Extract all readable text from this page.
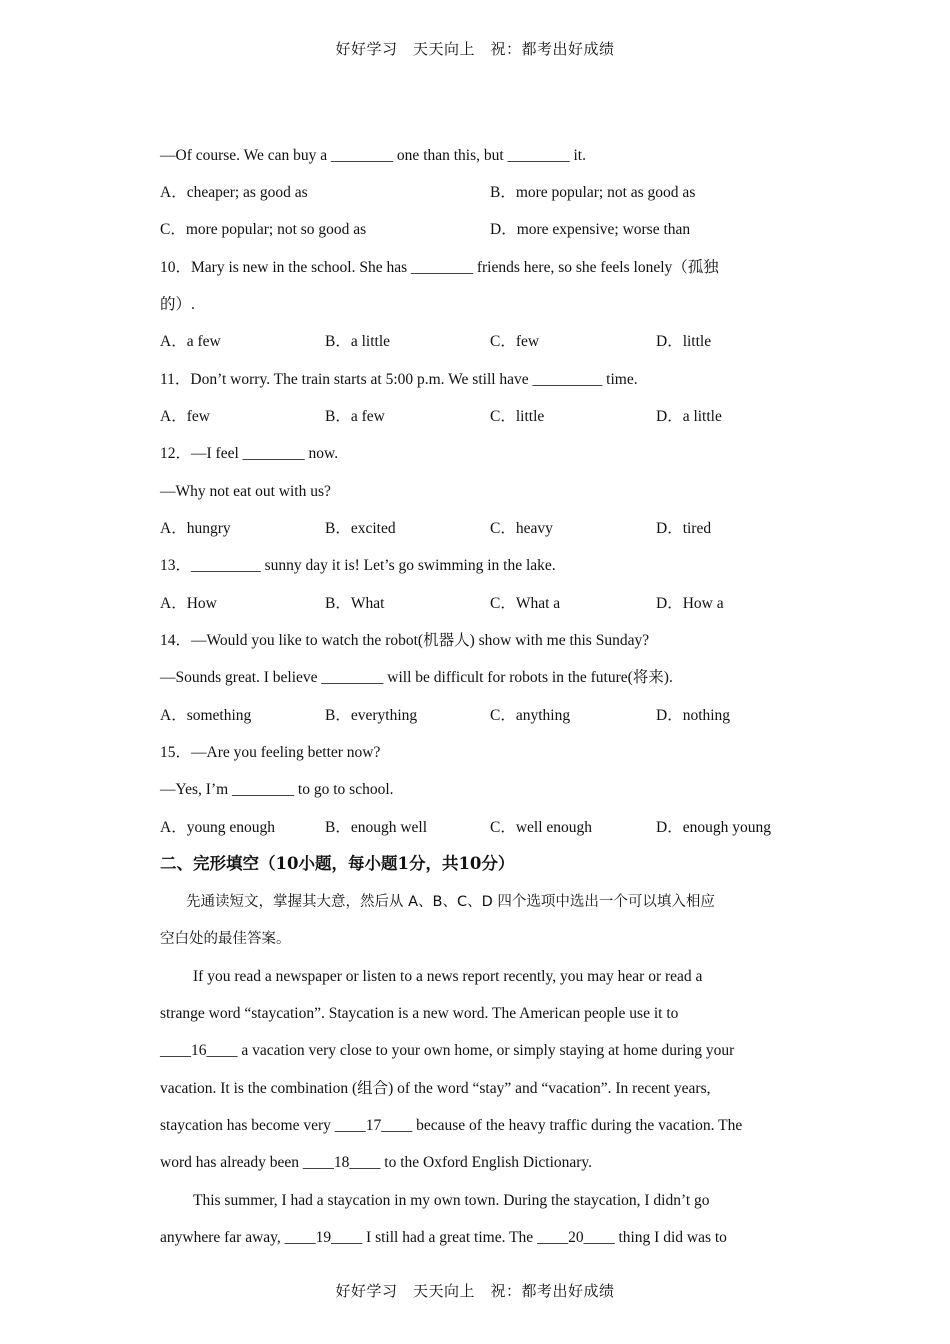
好好学习　天天向上　祝：都考出好成绩
—Of course. We can buy a ________ one than this, but ________ it.
A．cheaper; as good as	B．more popular; not as good as
C．more popular; not so good as	D．more expensive; worse than
10．Mary is new in the school. She has ________ friends here, so she feels lonely（孤独
的）.
A．a few	B．a little	C．few	D．little
11．Don’t worry. The train starts at 5:00 p.m. We still have _________ time.
A．few	B．a few	C．little	D．a little
12．—I feel ________ now.
—Why not eat out with us?
A．hungry	B．excited	C．heavy	D．tired
13．_________ sunny day it is! Let’s go swimming in the lake.
A．How	B．What	C．What a	D．How a
14．—Would you like to watch the robot(机器人) show with me this Sunday?
—Sounds great. I believe ________ will be difficult for robots in the future(将来).
A．something	B．everything	C．anything	D．nothing
15．—Are you feeling better now?
—Yes, I’m ________ to go to school.
A．young enough	B．enough well	C．well enough	D．enough young
二、完形填空（10小题，每小题1分，共10分）
先通读短文，掌握其大意，然后从 A、B、C、D 四个选项中选出一个可以填入相应
空白处的最佳答案。
If you read a newspaper or listen to a news report recently, you may hear or read a
strange word “staycation”. Staycation is a new word. The American people use it to
____16____ a vacation very close to your own home, or simply staying at home during your
vacation. It is the combination (组合) of the word “stay” and “vacation”. In recent years,
staycation has become very ____17____ because of the heavy traffic during the vacation. The
word has already been ____18____ to the Oxford English Dictionary.
This summer, I had a staycation in my own town. During the staycation, I didn’t go
anywhere far away, ____19____ I still had a great time. The ____20____ thing I did was to
好好学习　天天向上　祝：都考出好成绩
